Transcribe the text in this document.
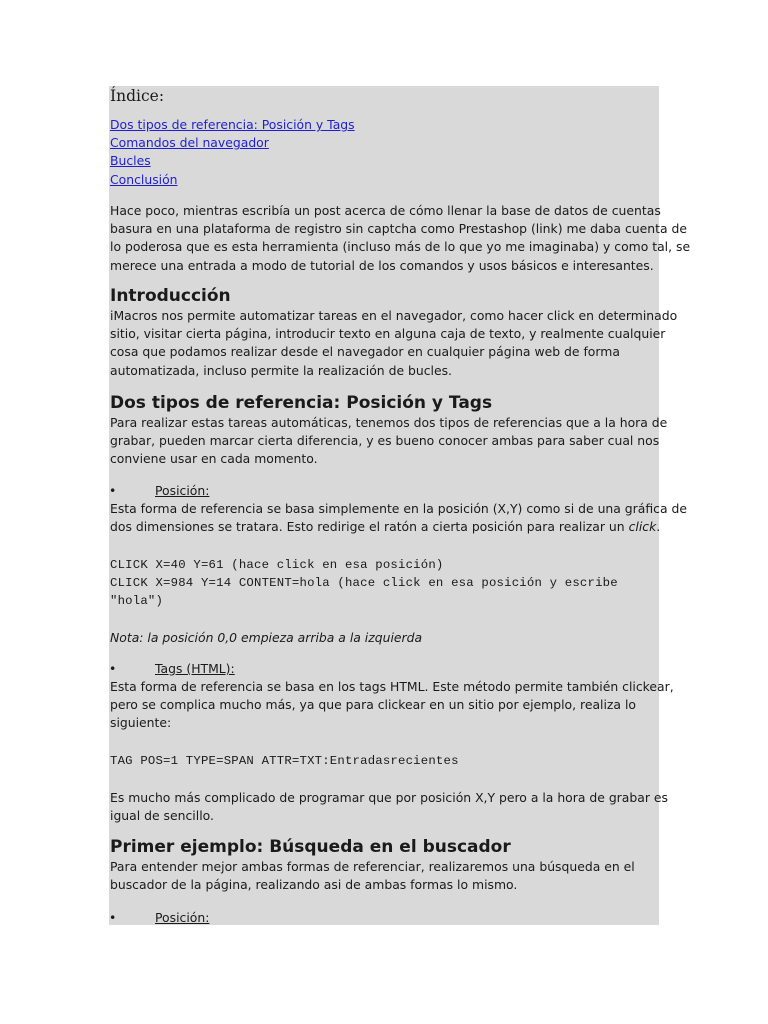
Índice:

Dos tipos de referencia: Posición y Tags
Comandos del navegador
Bucles
Conclusión

Hace poco, mientras escribía un post acerca de cómo llenar la base de datos de cuentas

basura en una plataforma de registro sin captcha como Prestashop (link) me daba cuenta de

lo poderosa que es esta herramienta (incluso más de lo que yo me imaginaba) y como tal, se

merece una entrada a modo de tutorial de los comandos y usos básicos e interesantes.

Introducción

iMacros nos permite automatizar tareas en el navegador, como hacer click en determinado

sitio, visitar cierta página, introducir texto en alguna caja de texto, y realmente cualquier

cosa que podamos realizar desde el navegador en cualquier página web de forma

automatizada, incluso permite la realización de bucles.

Dos tipos de referencia: Posición y Tags

Para realizar estas tareas automáticas, tenemos dos tipos de referencias que a la hora de

grabar, pueden marcar cierta diferencia, y es bueno conocer ambas para saber cual nos

conviene usar en cada momento.

•	Posición:

Esta forma de referencia se basa simplemente en la posición (X,Y) como si de una gráfica de

dos dimensiones se tratara. Esto redirige el ratón a cierta posición para realizar un click.

CLICK X=40 Y=61 (hace click en esa posición)

CLICK X=984 Y=14 CONTENT=hola (hace click en esa posición y escribe

"hola")

Nota: la posición 0,0 empieza arriba a la izquierda

•	Tags (HTML):

Esta forma de referencia se basa en los tags HTML. Este método permite también clickear,

pero se complica mucho más, ya que para clickear en un sitio por ejemplo, realiza lo

siguiente:

TAG POS=1 TYPE=SPAN ATTR=TXT:Entradasrecientes

Es mucho más complicado de programar que por posición X,Y pero a la hora de grabar es

igual de sencillo.

Primer ejemplo: Búsqueda en el buscador

Para entender mejor ambas formas de referenciar, realizaremos una búsqueda en el

buscador de la página, realizando asi de ambas formas lo mismo.

•	Posición:
